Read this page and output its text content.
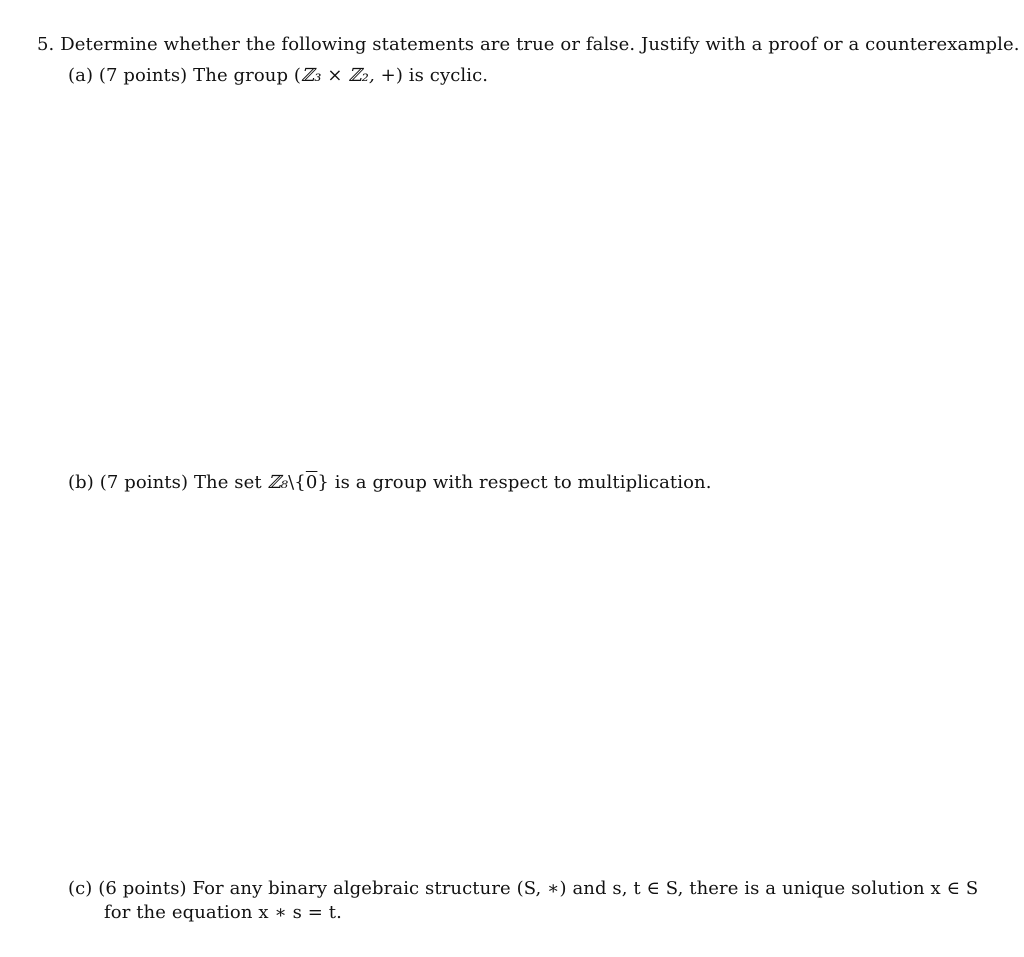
5. Determine whether the following statements are true or false. Justify with a proof or a counterexample.
(a) (7 points) The group (ℤ₃ × ℤ₂, +) is cyclic.
(b) (7 points) The set ℤ₈\{0} is a group with respect to multiplication.
(c) (6 points) For any binary algebraic structure (S, ∗) and s, t ∈ S, there is a unique solution x ∈ S
for the equation x ∗ s = t.
